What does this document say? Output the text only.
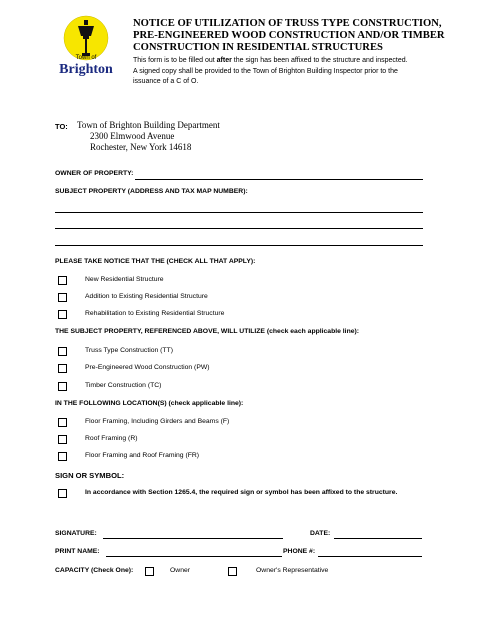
Town of
Brighton
NOTICE OF UTILIZATION OF TRUSS TYPE CONSTRUCTION,
PRE-ENGINEERED WOOD CONSTRUCTION AND/OR TIMBER
CONSTRUCTION IN RESIDENTIAL STRUCTURES
This form is to be filled out after the sign has been affixed to the structure and inspected.
A signed copy shall be provided to the Town of Brighton Building Inspector prior to the
issuance of a C of O.
TO: Town of Brighton Building Department
2300 Elmwood Avenue
Rochester, New York 14618
OWNER OF PROPERTY:
SUBJECT PROPERTY (ADDRESS AND TAX MAP NUMBER):
PLEASE TAKE NOTICE THAT THE (CHECK ALL THAT APPLY):
New Residential Structure
Addition to Existing Residential Structure
Rehabilitation to Existing Residential Structure
THE SUBJECT PROPERTY, REFERENCED ABOVE, WILL UTILIZE (check each applicable line):
Truss Type Construction (TT)
Pre-Engineered Wood Construction (PW)
Timber Construction (TC)
IN THE FOLLOWING LOCATION(S) (check applicable line):
Floor Framing, Including Girders and Beams (F)
Roof Framing (R)
Floor Framing and Roof Framing (FR)
SIGN OR SYMBOL:
In accordance with Section 1265.4, the required sign or symbol has been affixed to the structure.
SIGNATURE:	DATE:
PRINT NAME:	PHONE #:
CAPACITY (Check One):	Owner	Owner's Representative
